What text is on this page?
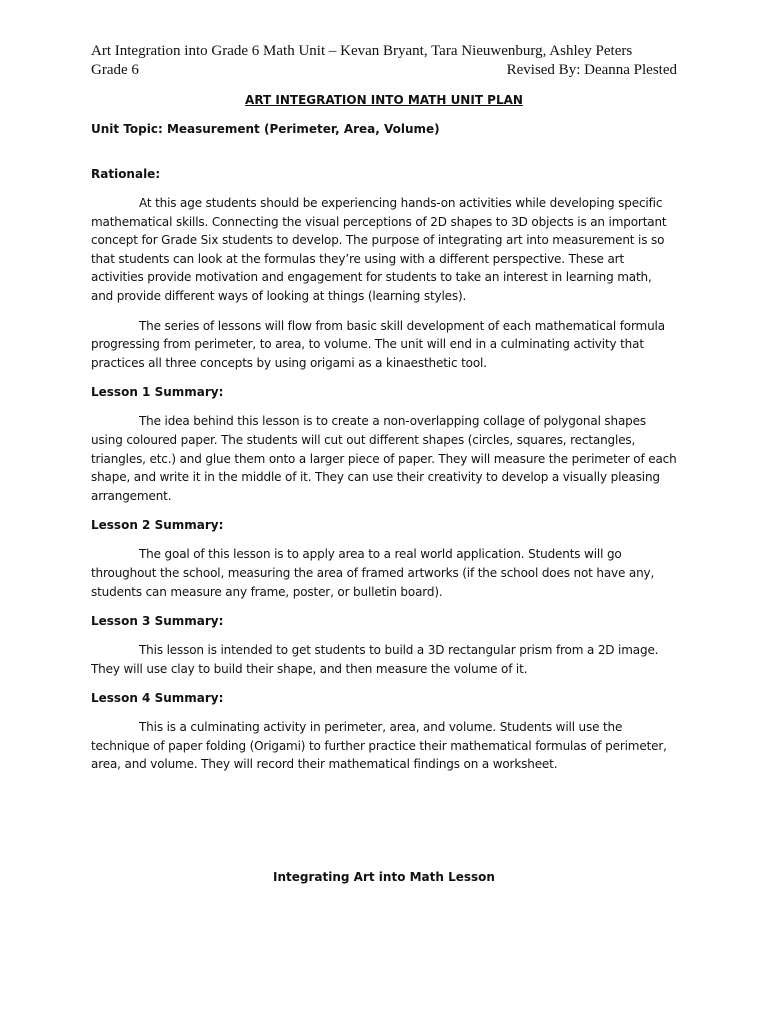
Art Integration into Grade 6 Math Unit – Kevan Bryant, Tara Nieuwenburg, Ashley Peters
Grade 6	Revised By: Deanna Plested
ART INTEGRATION INTO MATH UNIT PLAN
Unit Topic: Measurement (Perimeter, Area, Volume)
Rationale:

At this age students should be experiencing hands-on activities while developing specific mathematical skills. Connecting the visual perceptions of 2D shapes to 3D objects is an important concept for Grade Six students to develop. The purpose of integrating art into measurement is so that students can look at the formulas they’re using with a different perspective. These art activities provide motivation and engagement for students to take an interest in learning math, and provide different ways of looking at things (learning styles).

The series of lessons will flow from basic skill development of each mathematical formula progressing from perimeter, to area, to volume. The unit will end in a culminating activity that practices all three concepts by using origami as a kinaesthetic tool.

Lesson 1 Summary:

The idea behind this lesson is to create a non-overlapping collage of polygonal shapes using coloured paper. The students will cut out different shapes (circles, squares, rectangles, triangles, etc.) and glue them onto a larger piece of paper. They will measure the perimeter of each shape, and write it in the middle of it. They can use their creativity to develop a visually pleasing arrangement.

Lesson 2 Summary:

The goal of this lesson is to apply area to a real world application. Students will go throughout the school, measuring the area of framed artworks (if the school does not have any, students can measure any frame, poster, or bulletin board).

Lesson 3 Summary:

This lesson is intended to get students to build a 3D rectangular prism from a 2D image. They will use clay to build their shape, and then measure the volume of it.

Lesson 4 Summary:

This is a culminating activity in perimeter, area, and volume. Students will use the technique of paper folding (Origami) to further practice their mathematical formulas of perimeter, area, and volume. They will record their mathematical findings on a worksheet.

Integrating Art into Math Lesson
